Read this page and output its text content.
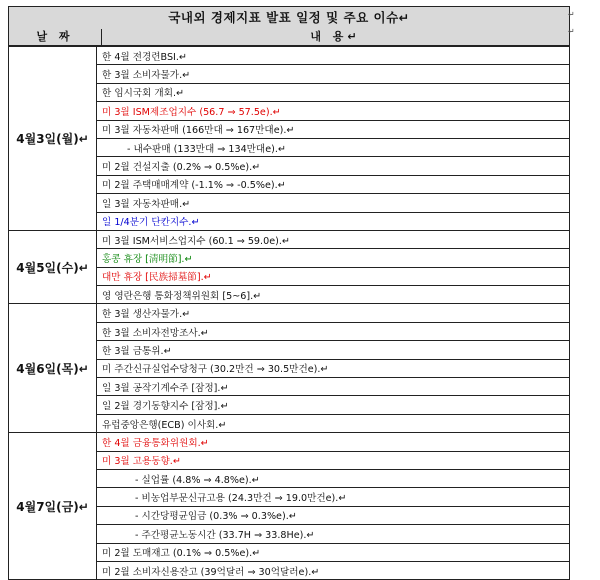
국내외 경제지표 발표 일정 및 주요 이슈↵
날 짜	내 용↵
↵
↵
4월3일(월)↵	한 4월 전경련BSI.↵
	한 3월 소비자물가.↵
	한 임시국회 개회.↵
	미 3월 ISM제조업지수 (56.7 ⇒ 57.5e).↵
	미 3월 자동차판매 (166만대 ⇒ 167만대e).↵
	- 내수판매 (133만대 ⇒ 134만대e).↵
	미 2월 건설지출 (0.2% ⇒ 0.5%e).↵
	미 2월 주택매매계약 (-1.1% ⇒ -0.5%e).↵
	일 3월 자동차판매.↵
	일 1/4분기 단칸지수.↵
4월5일(수)↵	미 3월 ISM서비스업지수 (60.1 ⇒ 59.0e).↵
	홍콩 휴장 [淸明節].↵
	대만 휴장 [民族掃墓節].↵
	영 영란은행 통화정책위원회 [5~6].↵
4월6일(목)↵	한 3월 생산자물가.↵
	한 3월 소비자전망조사.↵
	한 3월 금통위.↵
	미 주간신규실업수당청구 (30.2만건 ⇒ 30.5만건e).↵
	일 3월 공작기계수주 [잠정].↵
	일 2월 경기동향지수 [잠정].↵
	유럽중앙은행(ECB) 이사회.↵
4월7일(금)↵	한 4월 금융통화위원회.↵
	미 3월 고용동향.↵
	- 실업률 (4.8% ⇒ 4.8%e).↵
	- 비농업부문신규고용 (24.3만건 ⇒ 19.0만건e).↵
	- 시간당평균임금 (0.3% ⇒ 0.3%e).↵
	- 주간평균노동시간 (33.7H ⇒ 33.8He).↵
	미 2월 도매재고 (0.1% ⇒ 0.5%e).↵
	미 2월 소비자신용잔고 (39억달러 ⇒ 30억달러e).↵
